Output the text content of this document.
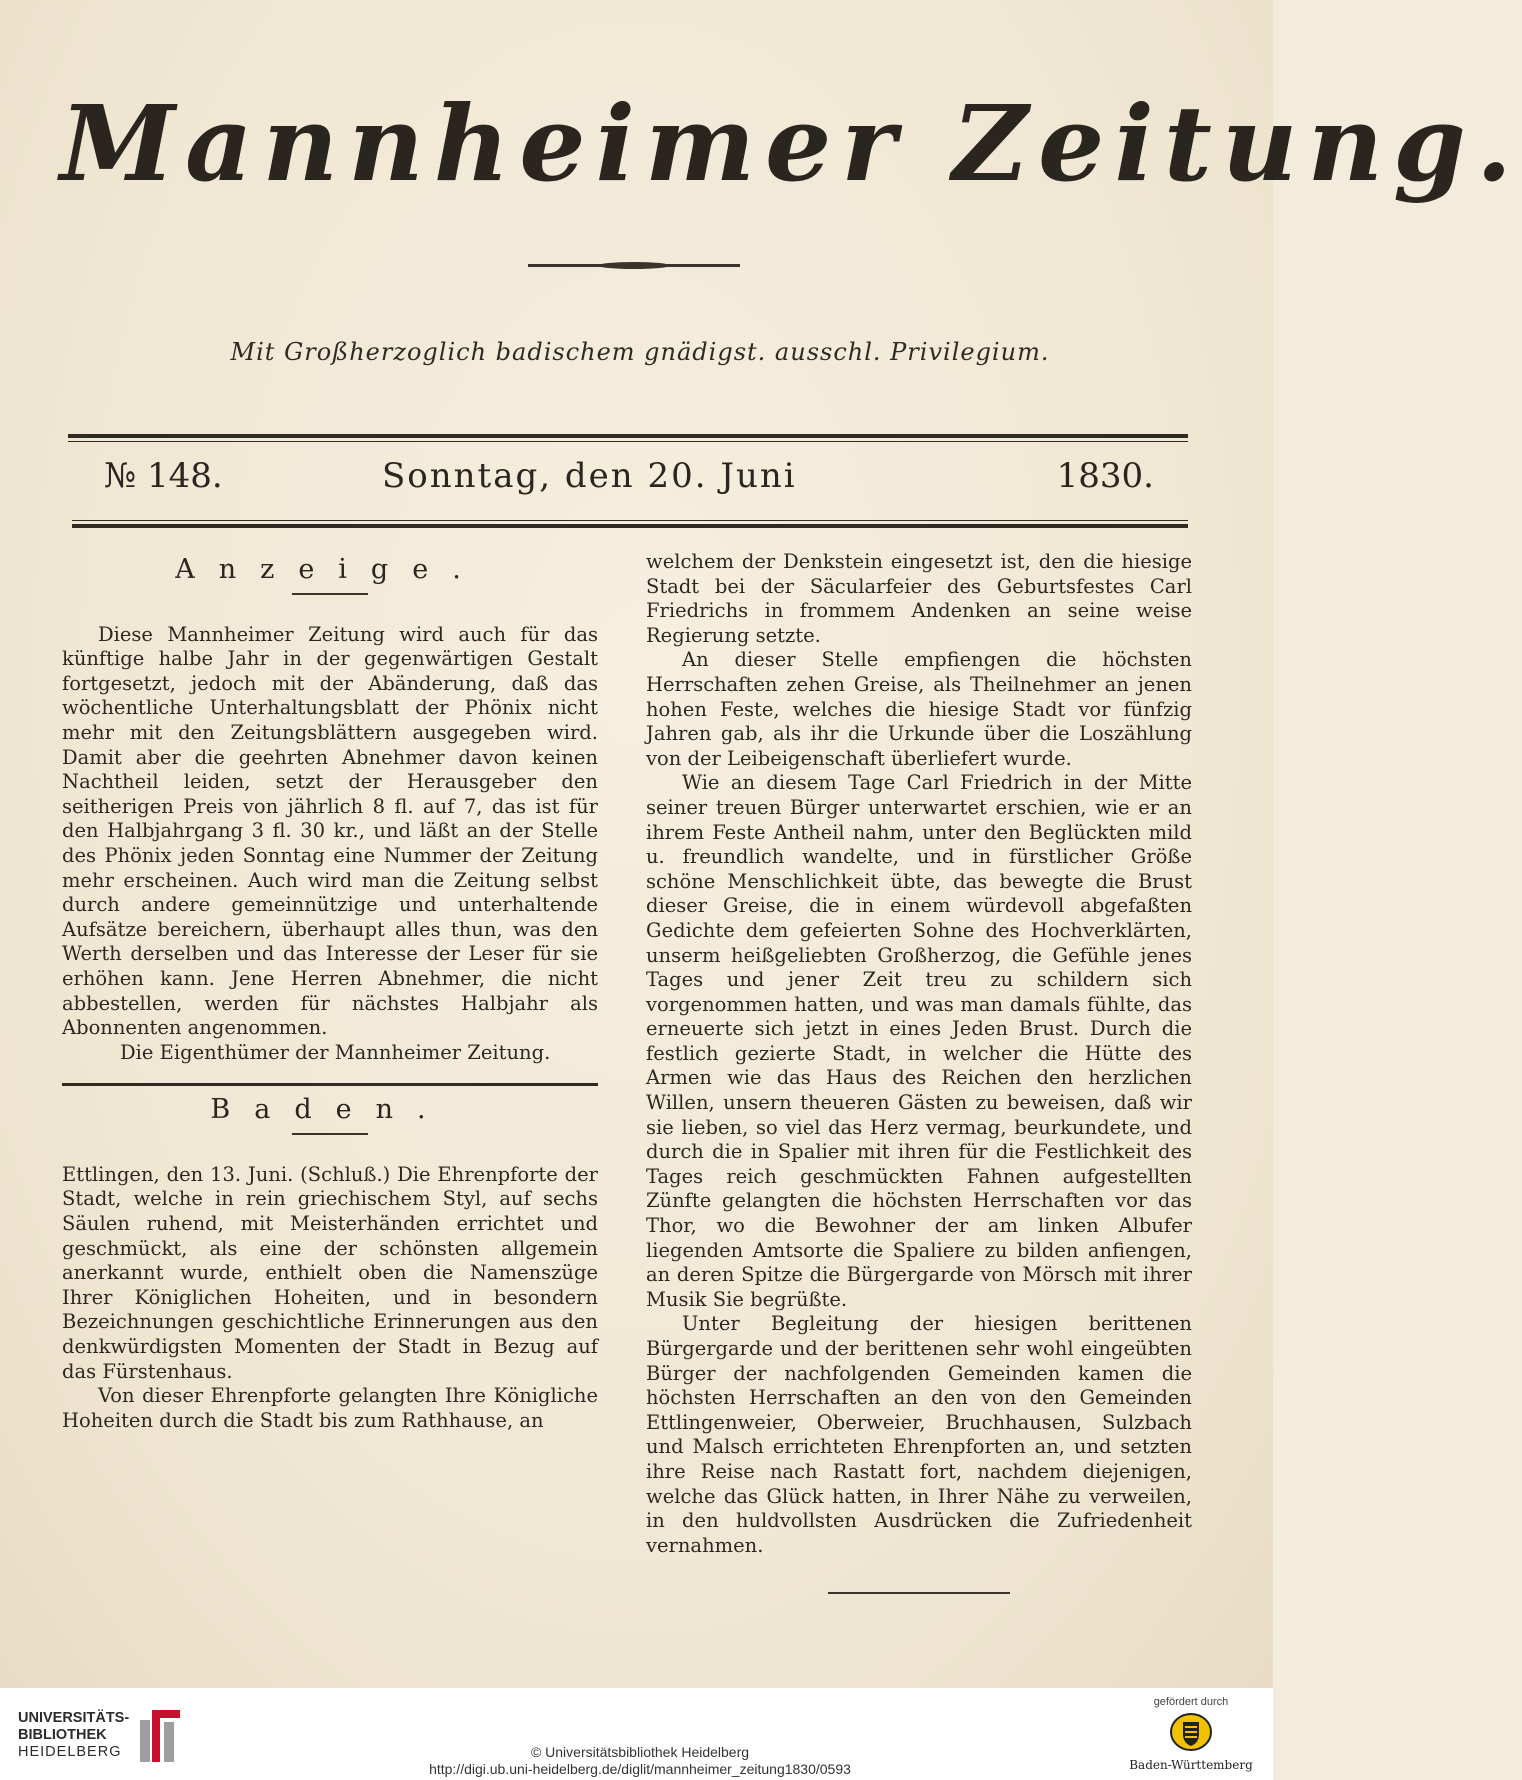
Mannheimer Zeitung.
Mit Großherzoglich badischem gnädigst. ausschl. Privilegium.
№ 148.	Sonntag, den 20. Juni	1830.
Anzeige.

Diese Mannheimer Zeitung wird auch für das künftige halbe Jahr in der gegenwärtigen Gestalt fortgesetzt, jedoch mit der Abänderung, daß das wöchentliche Unterhaltungsblatt der Phönix nicht mehr mit den Zeitungsblättern ausgegeben wird. Damit aber die geehrten Abnehmer davon keinen Nachtheil leiden, setzt der Herausgeber den seitherigen Preis von jährlich 8 fl. auf 7, das ist für den Halbjahrgang 3 fl. 30 kr., und läßt an der Stelle des Phönix jeden Sonntag eine Nummer der Zeitung mehr erscheinen. Auch wird man die Zeitung selbst durch andere gemeinnützige und unterhaltende Aufsätze bereichern, überhaupt alles thun, was den Werth derselben und das Interesse der Leser für sie erhöhen kann. Jene Herren Abnehmer, die nicht abbestellen, werden für nächstes Halbjahr als Abonnenten angenommen.

Die Eigenthümer der Mannheimer Zeitung.

Baden.

Ettlingen, den 13. Juni. (Schluß.) Die Ehrenpforte der Stadt, welche in rein griechischem Styl, auf sechs Säulen ruhend, mit Meisterhänden errichtet und geschmückt, als eine der schönsten allgemein anerkannt wurde, enthielt oben die Namenszüge Ihrer Königlichen Hoheiten, und in besondern Bezeichnungen geschichtliche Erinnerungen aus den denkwürdigsten Momenten der Stadt in Bezug auf das Fürstenhaus.

Von dieser Ehrenpforte gelangten Ihre Königliche Hoheiten durch die Stadt bis zum Rathhause, an

welchem der Denkstein eingesetzt ist, den die hiesige Stadt bei der Säcularfeier des Geburtsfestes Carl Friedrichs in frommem Andenken an seine weise Regierung setzte.

An dieser Stelle empfiengen die höchsten Herrschaften zehen Greise, als Theilnehmer an jenen hohen Feste, welches die hiesige Stadt vor fünfzig Jahren gab, als ihr die Urkunde über die Loszählung von der Leibeigenschaft überliefert wurde.

Wie an diesem Tage Carl Friedrich in der Mitte seiner treuen Bürger unterwartet erschien, wie er an ihrem Feste Antheil nahm, unter den Beglückten mild u. freundlich wandelte, und in fürstlicher Größe schöne Menschlichkeit übte, das bewegte die Brust dieser Greise, die in einem würdevoll abgefaßten Gedichte dem gefeierten Sohne des Hochverklärten, unserm heißgeliebten Großherzog, die Gefühle jenes Tages und jener Zeit treu zu schildern sich vorgenommen hatten, und was man damals fühlte, das erneuerte sich jetzt in eines Jeden Brust. Durch die festlich gezierte Stadt, in welcher die Hütte des Armen wie das Haus des Reichen den herzlichen Willen, unsern theueren Gästen zu beweisen, daß wir sie lieben, so viel das Herz vermag, beurkundete, und durch die in Spalier mit ihren für die Festlichkeit des Tages reich geschmückten Fahnen aufgestellten Zünfte gelangten die höchsten Herrschaften vor das Thor, wo die Bewohner der am linken Albufer liegenden Amtsorte die Spaliere zu bilden anfiengen, an deren Spitze die Bürgergarde von Mörsch mit ihrer Musik Sie begrüßte.

Unter Begleitung der hiesigen berittenen Bürgergarde und der berittenen sehr wohl eingeübten Bürger der nachfolgenden Gemeinden kamen die höchsten Herrschaften an den von den Gemeinden Ettlingenweier, Oberweier, Bruchhausen, Sulzbach und Malsch errichteten Ehrenpforten an, und setzten ihre Reise nach Rastatt fort, nachdem diejenigen, welche das Glück hatten, in Ihrer Nähe zu verweilen, in den huldvollsten Ausdrücken die Zufriedenheit vernahmen.

UNIVERSITÄTS-
BIBLIOTHEK
HEIDELBERG	© Universitätsbibliothek Heidelberg
http://digi.ub.uni-heidelberg.de/diglit/mannheimer_zeitung1830/0593
gefördert durch
Baden-Württemberg
